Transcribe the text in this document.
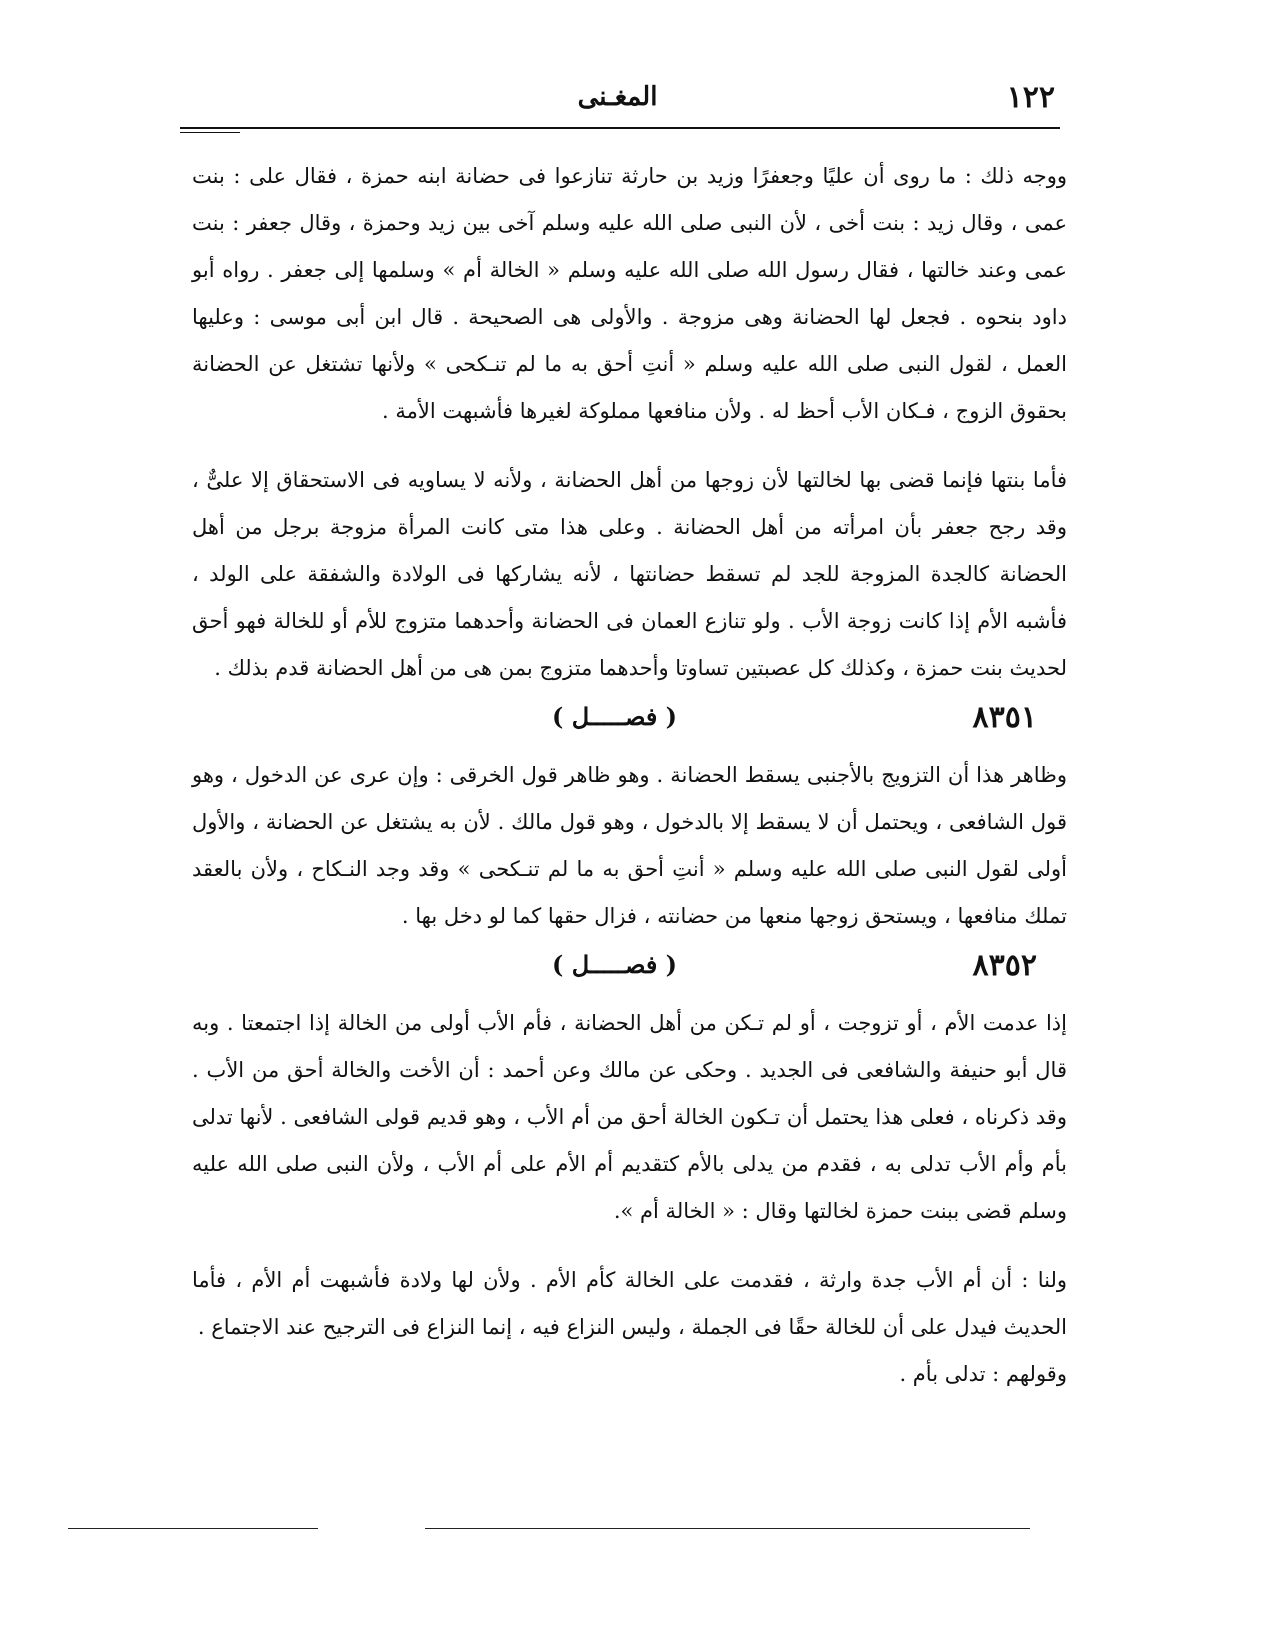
١٢٢
المغـنى

ووجه ذلك : ما روى أن عليًا وجعفرًا وزيد بن حارثة تنازعوا فى حضانة ابنه حمزة ، فقال على : بنت عمى ، وقال زيد : بنت أخى ، لأن النبى صلى الله عليه وسلم آخى بين زيد وحمزة ، وقال جعفر : بنت عمى وعند خالتها ، فقال رسول الله صلى الله عليه وسلم « الخالة أم » وسلمها إلى جعفر . رواه أبو داود بنحوه . فجعل لها الحضانة وهى مزوجة . والأولى هى الصحيحة . قال ابن أبى موسى : وعليها العمل ، لقول النبى صلى الله عليه وسلم « أنتِ أحق به ما لم تنـكحى » ولأنها تشتغل عن الحضانة بحقوق الزوج ، فـكان الأب أحظ له . ولأن منافعها مملوكة لغيرها فأشبهت الأمة .

فأما بنتها فإنما قضى بها لخالتها لأن زوجها من أهل الحضانة ، ولأنه لا يساويه فى الاستحقاق إلا علىٌّ ، وقد رجح جعفر بأن امرأته من أهل الحضانة . وعلى هذا متى كانت المرأة مزوجة برجل من أهل الحضانة كالجدة المزوجة للجد لم تسقط حضانتها ، لأنه يشاركها فى الولادة والشفقة على الولد ، فأشبه الأم إذا كانت زوجة الأب . ولو تنازع العمان فى الحضانة وأحدهما متزوج للأم أو للخالة فهو أحق لحديث بنت حمزة ، وكذلك كل عصبتين تساوتا وأحدهما متزوج بمن هى من أهل الحضانة قدم بذلك .

٨٣٥١
( فصـــــل )

وظاهر هذا أن التزويج بالأجنبى يسقط الحضانة . وهو ظاهر قول الخرقى : وإن عرى عن الدخول ، وهو قول الشافعى ، ويحتمل أن لا يسقط إلا بالدخول ، وهو قول مالك . لأن به يشتغل عن الحضانة ، والأول أولى لقول النبى صلى الله عليه وسلم « أنتِ أحق به ما لم تنـكحى » وقد وجد النـكاح ، ولأن بالعقد تملك منافعها ، ويستحق زوجها منعها من حضانته ، فزال حقها كما لو دخل بها .

٨٣٥٢
( فصـــــل )

إذا عدمت الأم ، أو تزوجت ، أو لم تـكن من أهل الحضانة ، فأم الأب أولى من الخالة إذا اجتمعتا . وبه قال أبو حنيفة والشافعى فى الجديد . وحكى عن مالك وعن أحمد : أن الأخت والخالة أحق من الأب . وقد ذكرناه ، فعلى هذا يحتمل أن تـكون الخالة أحق من أم الأب ، وهو قديم قولى الشافعى . لأنها تدلى بأم وأم الأب تدلى به ، فقدم من يدلى بالأم كتقديم أم الأم على أم الأب ، ولأن النبى صلى الله عليه وسلم قضى ببنت حمزة لخالتها وقال : « الخالة أم ».

ولنا : أن أم الأب جدة وارثة ، فقدمت على الخالة كأم الأم . ولأن لها ولادة فأشبهت أم الأم ، فأما الحديث فيدل على أن للخالة حقًا فى الجملة ، وليس النزاع فيه ، إنما النزاع فى الترجيح عند الاجتماع .

وقولهم : تدلى بأم .
